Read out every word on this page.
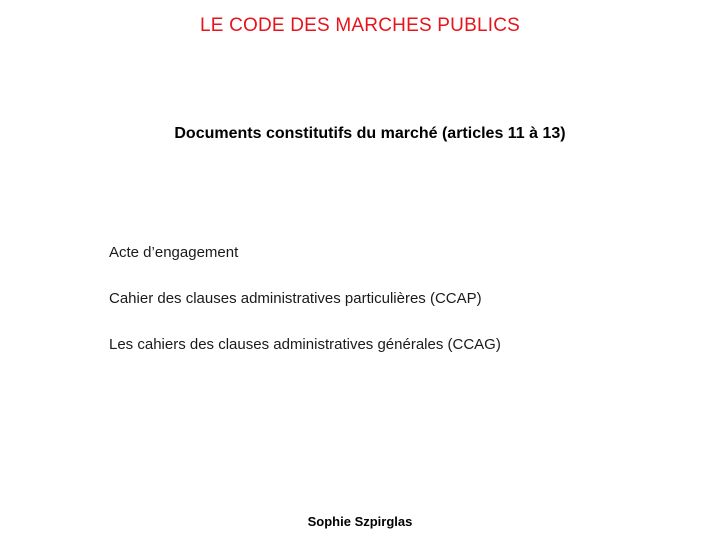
LE CODE DES MARCHES PUBLICS
Documents constitutifs du marché (articles 11 à 13)
Acte d’engagement
Cahier des clauses administratives particulières (CCAP)
Les cahiers des clauses administratives générales (CCAG)
Sophie Szpirglas
